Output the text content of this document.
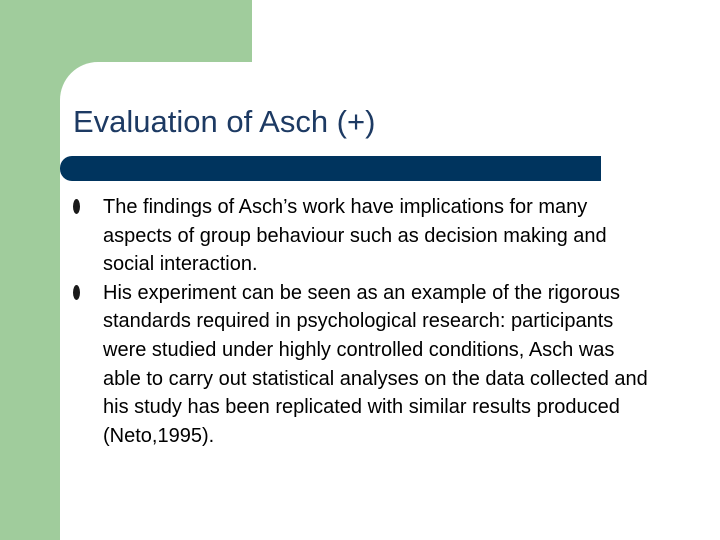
Evaluation of Asch (+)
The findings of Asch’s work have implications for many aspects of group behaviour such as decision making and social interaction.
His experiment can be seen as an example of the rigorous standards required in psychological research: participants were studied under highly controlled conditions, Asch was able to carry out statistical analyses on the data collected and his study has been replicated with similar results produced (Neto,1995).
